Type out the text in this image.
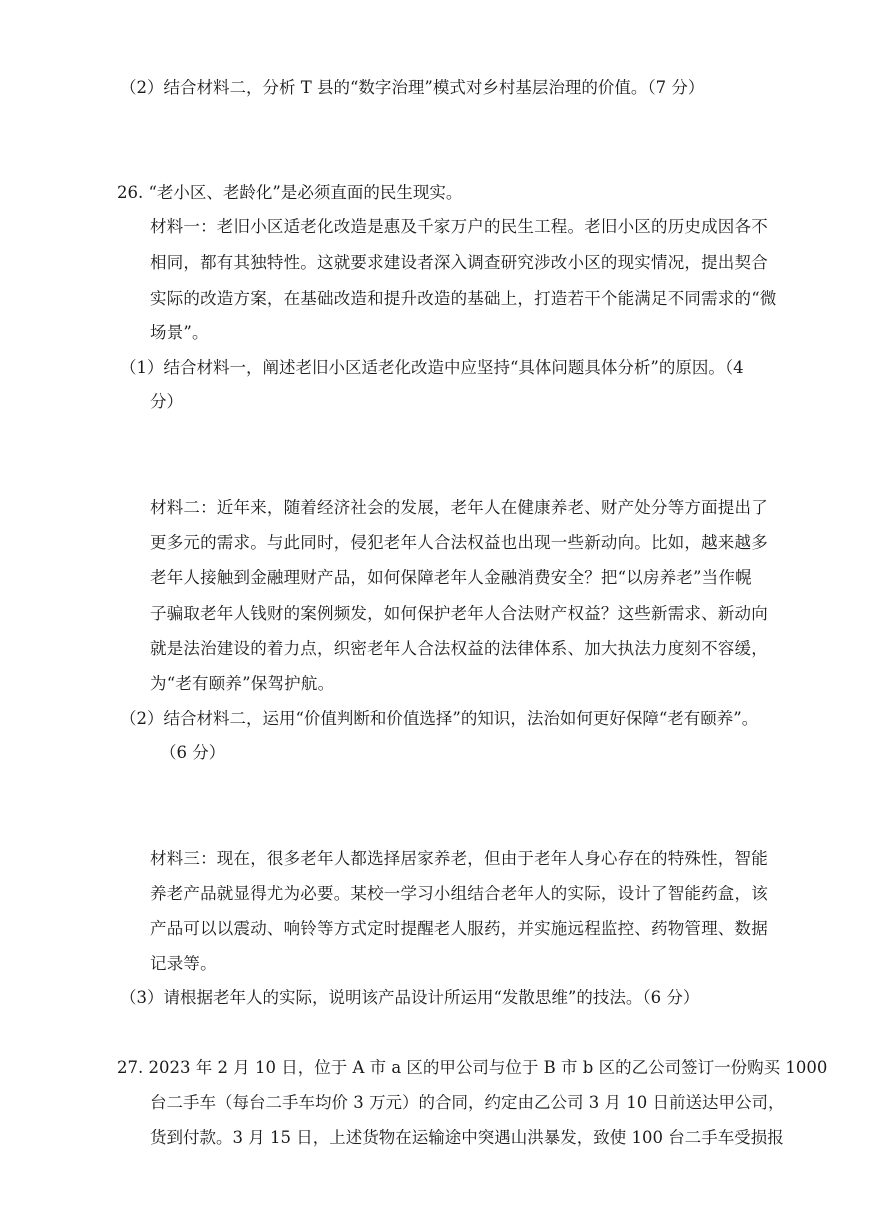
（2）结合材料二，分析 T 县的“数字治理”模式对乡村基层治理的价值。（7 分）
26. “老小区、老龄化”是必须直面的民生现实。
材料一：老旧小区适老化改造是惠及千家万户的民生工程。老旧小区的历史成因各不
相同，都有其独特性。这就要求建设者深入调查研究涉改小区的现实情况，提出契合
实际的改造方案，在基础改造和提升改造的基础上，打造若干个能满足不同需求的“微
场景”。
（1）结合材料一，阐述老旧小区适老化改造中应坚持“具体问题具体分析”的原因。（4
分）
材料二：近年来，随着经济社会的发展，老年人在健康养老、财产处分等方面提出了
更多元的需求。与此同时，侵犯老年人合法权益也出现一些新动向。比如，越来越多
老年人接触到金融理财产品，如何保障老年人金融消费安全？把“以房养老”当作幌
子骗取老年人钱财的案例频发，如何保护老年人合法财产权益？这些新需求、新动向
就是法治建设的着力点，织密老年人合法权益的法律体系、加大执法力度刻不容缓，
为“老有颐养”保驾护航。
（2）结合材料二，运用“价值判断和价值选择”的知识，法治如何更好保障“老有颐养”。
（6 分）
材料三：现在，很多老年人都选择居家养老，但由于老年人身心存在的特殊性，智能
养老产品就显得尤为必要。某校一学习小组结合老年人的实际，设计了智能药盒，该
产品可以以震动、响铃等方式定时提醒老人服药，并实施远程监控、药物管理、数据
记录等。
（3）请根据老年人的实际，说明该产品设计所运用“发散思维”的技法。（6 分）
27. 2023 年 2 月 10 日，位于 A 市 a 区的甲公司与位于 B 市 b 区的乙公司签订一份购买 1000
台二手车（每台二手车均价 3 万元）的合同，约定由乙公司 3 月 10 日前送达甲公司，
货到付款。3 月 15 日，上述货物在运输途中突遇山洪暴发，致使 100 台二手车受损报
